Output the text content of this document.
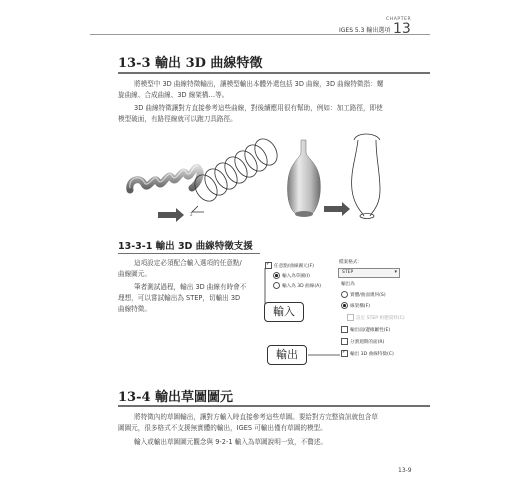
CHAPTER
13
IGES 5.3 輸出選項
13-3 輸出 3D 曲線特徵
將模型中 3D 曲線特徵輸出，讓模型輸出本體外還包括 3D 曲線，3D 曲線特徵指：螺
旋曲線、合成曲線、3D 線架構…等。
3D 曲線特徵讓對方直接參考這些曲線，對後續應用很有幫助，例如：加工路徑，即使
模型破面，有路徑線就可以跑刀具路徑。
2
13-3-1 輸出 3D 曲線特徵支援
這項設定必須配合輸入選項的任意點/
曲線圖元。
筆者測試過程，輸出 3D 曲線有時會不
理想，可以嘗試輸出為 STEP，切輸出 3D
曲線特徵。
✓任意點/曲線圖元(F)
輸入為草圖(I)
輸入為 3D 曲線(A)
輸入
檔案格式：
STEP	▾
輸出為
實體/曲面幾何(S)
線架構(F)
設定 STEP 組態資料(C)
輸出面/邊緣屬性(E)
分割週期的面(R)
✓輸出 3D 曲線特徵(C)
輸出
13-4 輸出草圖圖元
將特徵內的草圖輸出，讓對方輸入時直接參考這些草圖。要給對方完整資訊就包含草
圖圖元，很多格式不支援無實體的輸出，IGES 可輸出僅有草圖的模型。
輸入或輸出草圖圖元觀念與 9-2-1 輸入為草圖說明一致，不贅述。
13-9
